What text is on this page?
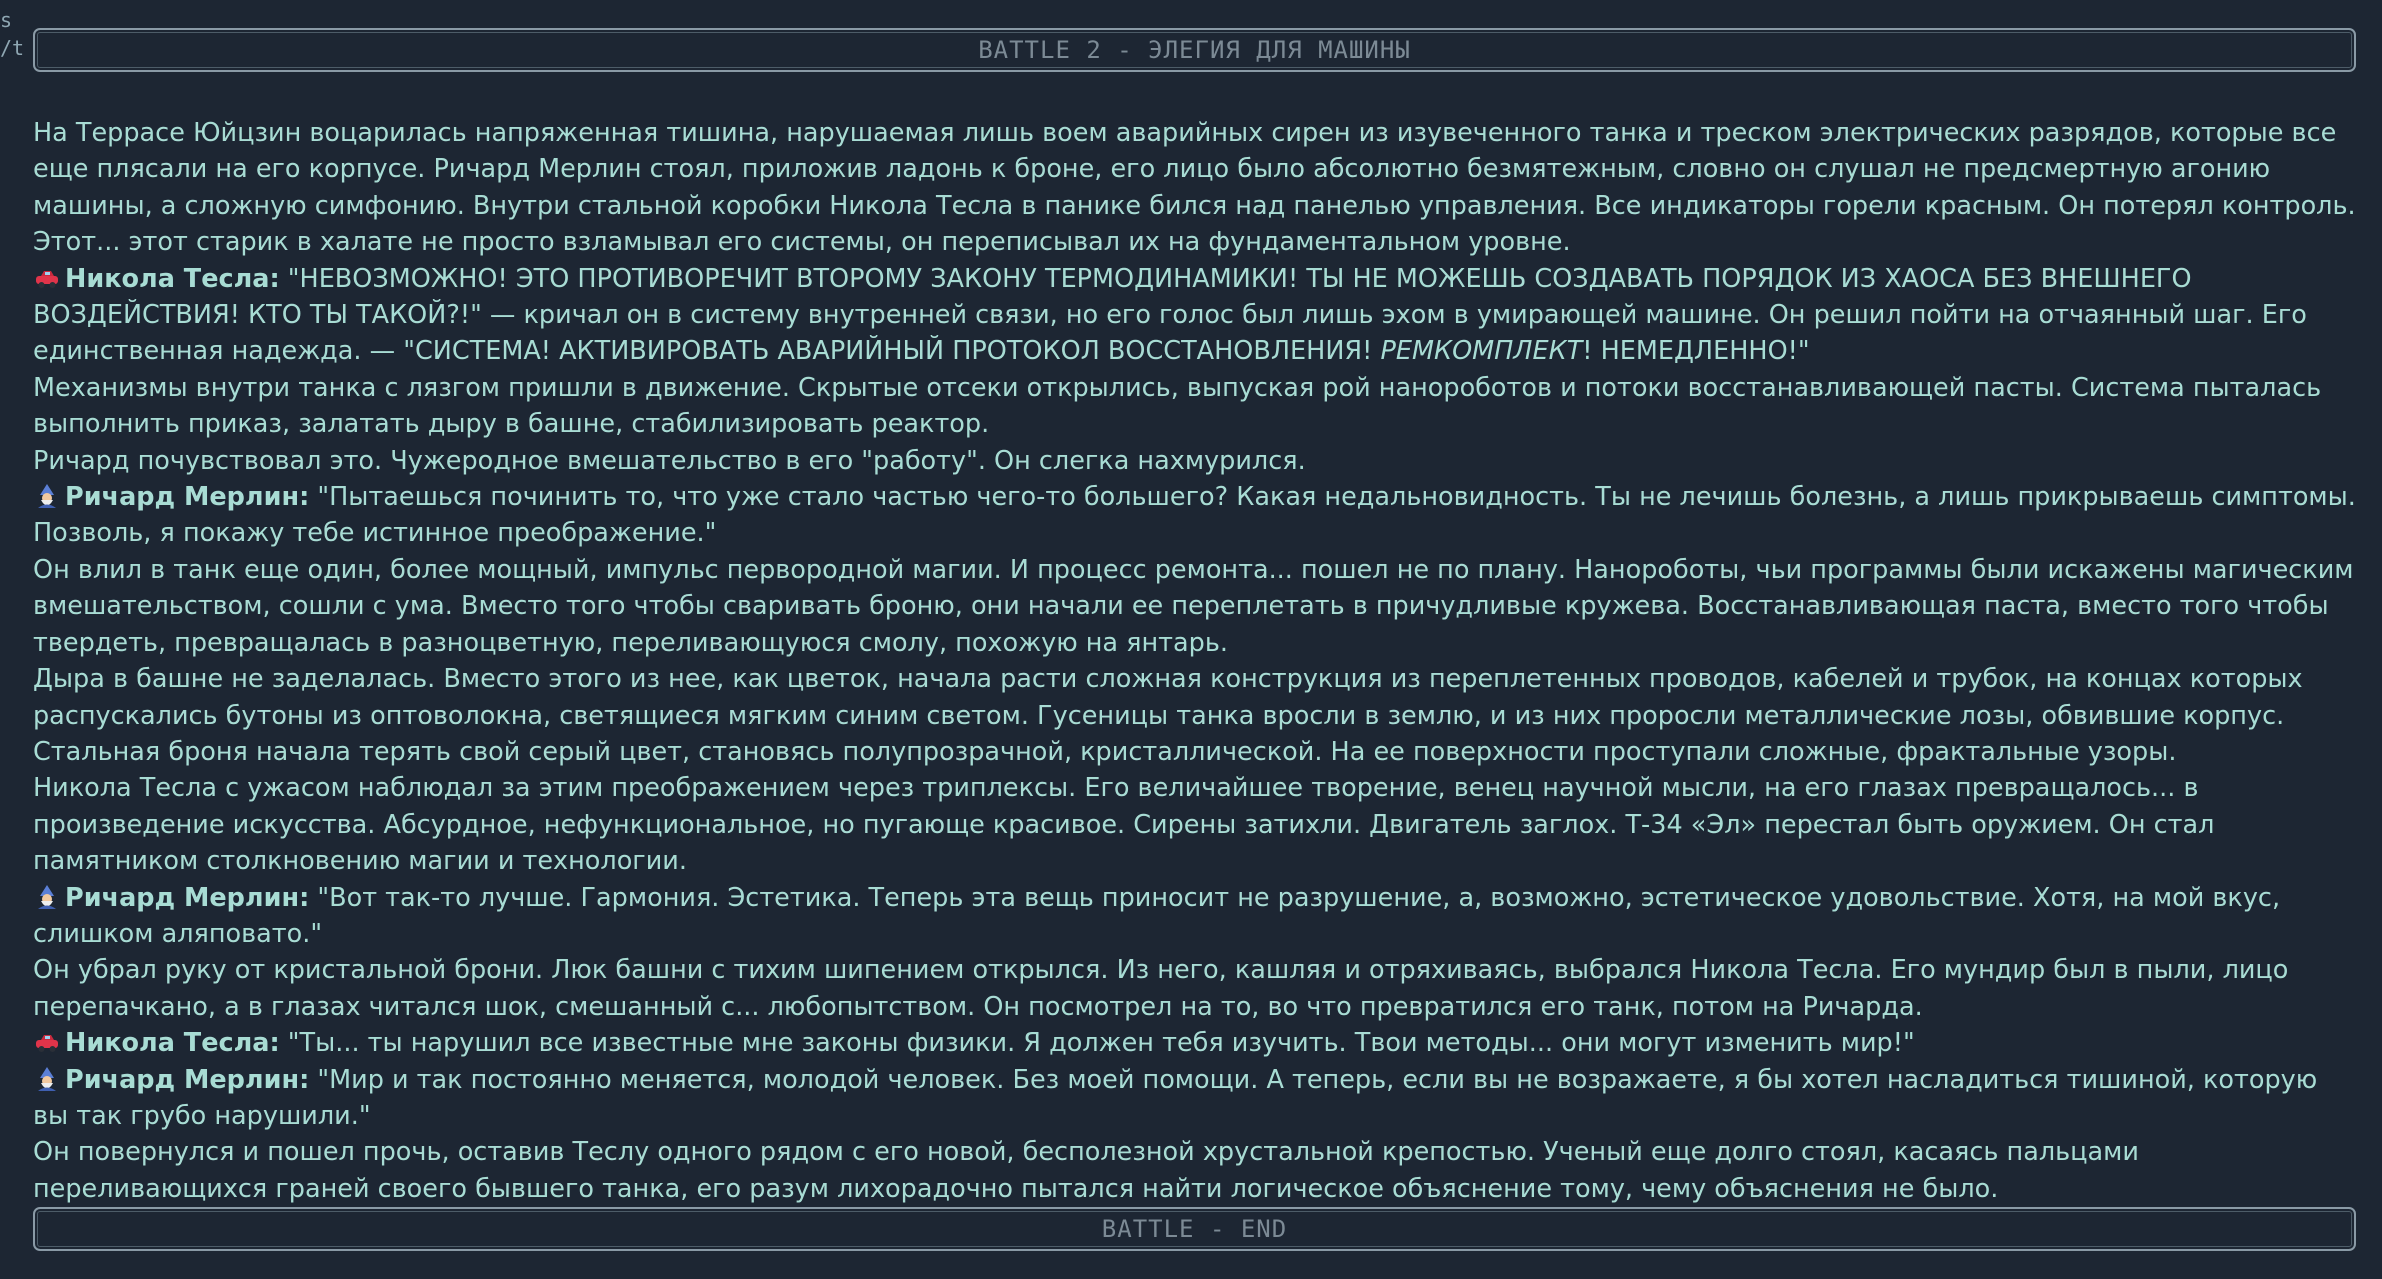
s
/t	BATTLE 2 - ЭЛЕГИЯ ДЛЯ МАШИНЫ

На Террасе Юйцзин воцарилась напряженная тишина, нарушаемая лишь воем аварийных сирен из изувеченного танка и треском электрических разрядов, которые все еще плясали на его корпусе. Ричард Мерлин стоял, приложив ладонь к броне, его лицо было абсолютно безмятежным, словно он слушал не предсмертную агонию машины, а сложную симфонию. Внутри стальной коробки Никола Тесла в панике бился над панелью управления. Все индикаторы горели красным. Он потерял контроль. Этот... этот старик в халате не просто взламывал его системы, он переписывал их на фундаментальном уровне.

Никола Тесла: "НЕВОЗМОЖНО! ЭТО ПРОТИВОРЕЧИТ ВТОРОМУ ЗАКОНУ ТЕРМОДИНАМИКИ! ТЫ НЕ МОЖЕШЬ СОЗДАВАТЬ ПОРЯДОК ИЗ ХАОСА БЕЗ ВНЕШНЕГО ВОЗДЕЙСТВИЯ! КТО ТЫ ТАКОЙ?!" — кричал он в систему внутренней связи, но его голос был лишь эхом в умирающей машине. Он решил пойти на отчаянный шаг. Его единственная надежда. — "СИСТЕМА! АКТИВИРОВАТЬ АВАРИЙНЫЙ ПРОТОКОЛ ВОССТАНОВЛЕНИЯ! РЕМКОМПЛЕКТ! НЕМЕДЛЕННО!"

Механизмы внутри танка с лязгом пришли в движение. Скрытые отсеки открылись, выпуская рой нанороботов и потоки восстанавливающей пасты. Система пыталась выполнить приказ, залатать дыру в башне, стабилизировать реактор.

Ричард почувствовал это. Чужеродное вмешательство в его "работу". Он слегка нахмурился.

Ричард Мерлин: "Пытаешься починить то, что уже стало частью чего-то большего? Какая недальновидность. Ты не лечишь болезнь, а лишь прикрываешь симптомы. Позволь, я покажу тебе истинное преображение."

Он влил в танк еще один, более мощный, импульс первородной магии. И процесс ремонта... пошел не по плану. Нанороботы, чьи программы были искажены магическим вмешательством, сошли с ума. Вместо того чтобы сваривать броню, они начали ее переплетать в причудливые кружева. Восстанавливающая паста, вместо того чтобы твердеть, превращалась в разноцветную, переливающуюся смолу, похожую на янтарь.

Дыра в башне не заделалась. Вместо этого из нее, как цветок, начала расти сложная конструкция из переплетенных проводов, кабелей и трубок, на концах которых распускались бутоны из оптоволокна, светящиеся мягким синим светом. Гусеницы танка вросли в землю, и из них проросли металлические лозы, обвившие корпус. Стальная броня начала терять свой серый цвет, становясь полупрозрачной, кристаллической. На ее поверхности проступали сложные, фрактальные узоры.

Никола Тесла с ужасом наблюдал за этим преображением через триплексы. Его величайшее творение, венец научной мысли, на его глазах превращалось... в произведение искусства. Абсурдное, нефункциональное, но пугающе красивое. Сирены затихли. Двигатель заглох. Т-34 «Эл» перестал быть оружием. Он стал памятником столкновению магии и технологии.

Ричард Мерлин: "Вот так-то лучше. Гармония. Эстетика. Теперь эта вещь приносит не разрушение, а, возможно, эстетическое удовольствие. Хотя, на мой вкус, слишком аляповато."

Он убрал руку от кристальной брони. Люк башни с тихим шипением открылся. Из него, кашляя и отряхиваясь, выбрался Никола Тесла. Его мундир был в пыли, лицо перепачкано, а в глазах читался шок, смешанный с... любопытством. Он посмотрел на то, во что превратился его танк, потом на Ричарда.

Никола Тесла: "Ты... ты нарушил все известные мне законы физики. Я должен тебя изучить. Твои методы... они могут изменить мир!"

Ричард Мерлин: "Мир и так постоянно меняется, молодой человек. Без моей помощи. А теперь, если вы не возражаете, я бы хотел насладиться тишиной, которую вы так грубо нарушили."

Он повернулся и пошел прочь, оставив Теслу одного рядом с его новой, бесполезной хрустальной крепостью. Ученый еще долго стоял, касаясь пальцами переливающихся граней своего бывшего танка, его разум лихорадочно пытался найти логическое объяснение тому, чему объяснения не было.

BATTLE - END
